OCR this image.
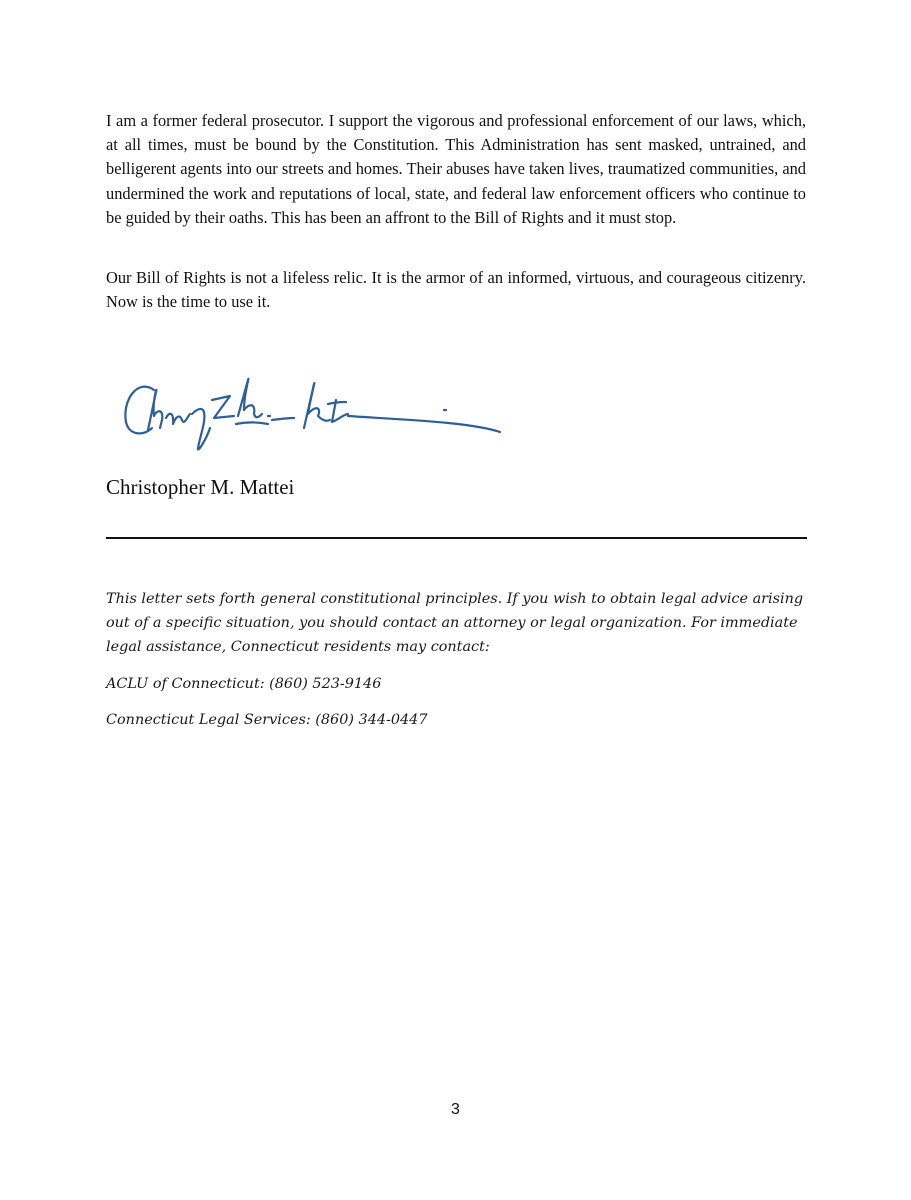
I am a former federal prosecutor. I support the vigorous and professional enforcement of our laws, which, at all times, must be bound by the Constitution. This Administration has sent masked, untrained, and belligerent agents into our streets and homes. Their abuses have taken lives, traumatized communities, and undermined the work and reputations of local, state, and federal law enforcement officers who continue to be guided by their oaths. This has been an affront to the Bill of Rights and it must stop.

Our Bill of Rights is not a lifeless relic. It is the armor of an informed, virtuous, and courageous citizenry. Now is the time to use it.

Christopher M. Mattei

This letter sets forth general constitutional principles. If you wish to obtain legal advice arising out of a specific situation, you should contact an attorney or legal organization. For immediate legal assistance, Connecticut residents may contact:

ACLU of Connecticut: (860) 523-9146

Connecticut Legal Services: (860) 344-0447

3
